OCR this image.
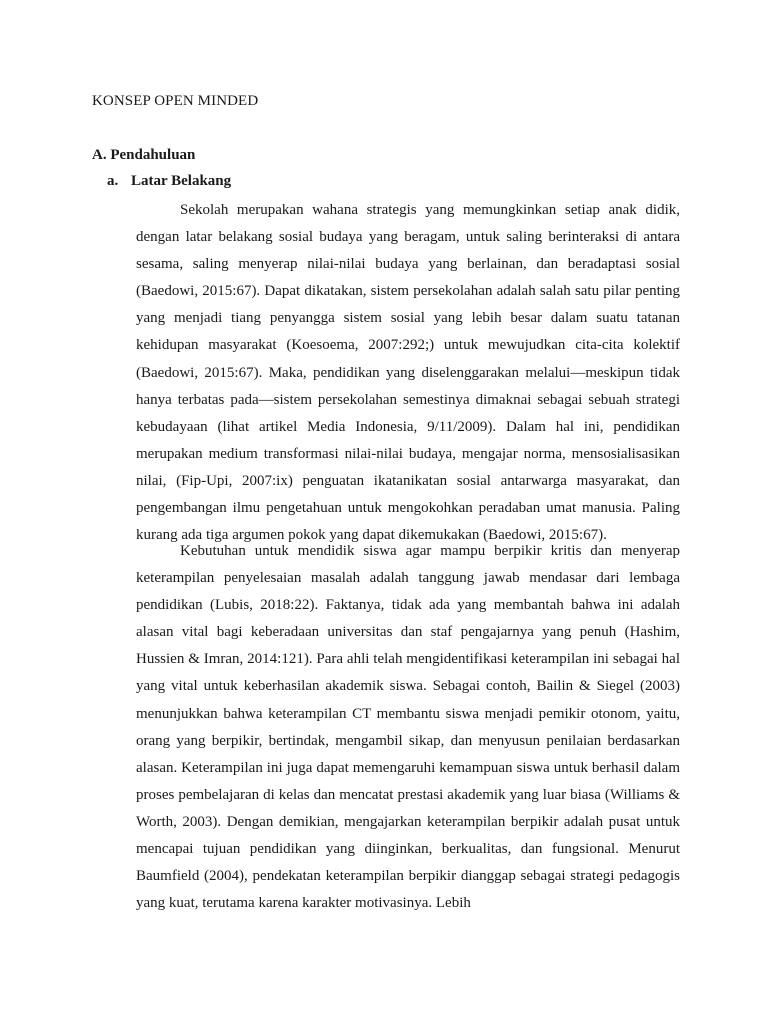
KONSEP OPEN MINDED
A. Pendahuluan
a. Latar Belakang

Sekolah merupakan wahana strategis yang memungkinkan setiap anak didik, dengan latar belakang sosial budaya yang beragam, untuk saling berinteraksi di antara sesama, saling menyerap nilai-nilai budaya yang berlainan, dan beradaptasi sosial (Baedowi, 2015:67). Dapat dikatakan, sistem persekolahan adalah salah satu pilar penting yang menjadi tiang penyangga sistem sosial yang lebih besar dalam suatu tatanan kehidupan masyarakat (Koesoema, 2007:292;) untuk mewujudkan cita-cita kolektif (Baedowi, 2015:67). Maka, pendidikan yang diselenggarakan melalui—meskipun tidak hanya terbatas pada—sistem persekolahan semestinya dimaknai sebagai sebuah strategi kebudayaan (lihat artikel Media Indonesia, 9/11/2009). Dalam hal ini, pendidikan merupakan medium transformasi nilai-nilai budaya, mengajar norma, mensosialisasikan nilai, (Fip-Upi, 2007:ix) penguatan ikatanikatan sosial antarwarga masyarakat, dan pengembangan ilmu pengetahuan untuk mengokohkan peradaban umat manusia. Paling kurang ada tiga argumen pokok yang dapat dikemukakan (Baedowi, 2015:67).

Kebutuhan untuk mendidik siswa agar mampu berpikir kritis dan menyerap keterampilan penyelesaian masalah adalah tanggung jawab mendasar dari lembaga pendidikan (Lubis, 2018:22). Faktanya, tidak ada yang membantah bahwa ini adalah alasan vital bagi keberadaan universitas dan staf pengajarnya yang penuh (Hashim, Hussien & Imran, 2014:121). Para ahli telah mengidentifikasi keterampilan ini sebagai hal yang vital untuk keberhasilan akademik siswa. Sebagai contoh, Bailin & Siegel (2003) menunjukkan bahwa keterampilan CT membantu siswa menjadi pemikir otonom, yaitu, orang yang berpikir, bertindak, mengambil sikap, dan menyusun penilaian berdasarkan alasan. Keterampilan ini juga dapat memengaruhi kemampuan siswa untuk berhasil dalam proses pembelajaran di kelas dan mencatat prestasi akademik yang luar biasa (Williams & Worth, 2003). Dengan demikian, mengajarkan keterampilan berpikir adalah pusat untuk mencapai tujuan pendidikan yang diinginkan, berkualitas, dan fungsional. Menurut Baumfield (2004), pendekatan keterampilan berpikir dianggap sebagai strategi pedagogis yang kuat, terutama karena karakter motivasinya. Lebih
